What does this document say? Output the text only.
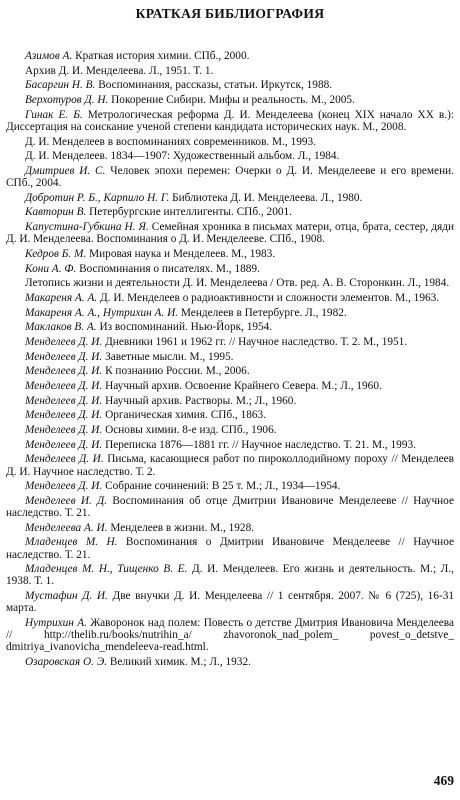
КРАТКАЯ БИБЛИОГРАФИЯ

Азимов А. Краткая история химии. СПб., 2000.

Архив Д. И. Менделеева. Л., 1951. Т. 1.

Басаргин Н. В. Воспоминания, рассказы, статьи. Иркутск, 1988.

Верхотуров Д. Н. Покорение Сибири. Мифы и реальность. М., 2005.

Гинак Е. Б. Метрологическая реформа Д. И. Менделеева (конец XIX начало XX в.): Диссертация на соискание ученой степени кандидата исторических наук. М., 2008.

Д. И. Менделеев в воспоминаниях современников. М., 1993.

Д. И. Менделеев. 1834—1907: Художественный альбом. Л., 1984.

Дмитриев И. С. Человек эпохи перемен: Очерки о Д. И. Менделееве и его времени. СПб., 2004.

Добротин Р. Б., Карпило Н. Г. Библиотека Д. И. Менделеева. Л., 1980.

Кавторин В. Петербургские интеллигенты. СПб., 2001.

Капустина-Губкина Н. Я. Семейная хроника в письмах матери, отца, брата, сестер, дяди Д. И. Менделеева. Воспоминания о Д. И. Менделееве. СПб., 1908.

Кедров Б. М. Мировая наука и Менделеев. М., 1983.

Кони А. Ф. Воспоминания о писателях. М., 1889.

Летопись жизни и деятельности Д. И. Менделеева / Отв. ред. А. В. Сторонкин. Л., 1984.

Макареня А. А. Д. И. Менделеев о радиоактивности и сложности элементов. М., 1963.

Макареня А. А., Нутрихин А. И. Менделеев в Петербурге. Л., 1982.

Маклаков В. А. Из воспоминаний. Нью-Йорк, 1954.

Менделеев Д. И. Дневники 1961 и 1962 гг. // Научное наследство. Т. 2. М., 1951.

Менделеев Д. И. Заветные мысли. М., 1995.

Менделеев Д. И. К познанию России. М., 2006.

Менделеев Д. И. Научный архив. Освоение Крайнего Севера. М.; Л., 1960.

Менделеев Д. И. Научный архив. Растворы. М.; Л., 1960.

Менделеев Д. И. Органическая химия. СПб., 1863.

Менделеев Д. И. Основы химии. 8-е изд. СПб., 1906.

Менделеев Д. И. Переписка 1876—1881 гг. // Научное наследство. Т. 21. М., 1993.

Менделеев Д. И. Письма, касающиеся работ по пироколлодийному пороху // Менделеев Д. И. Научное наследство. Т. 2.

Менделеев Д. И. Собрание сочинений: В 25 т. М.; Л., 1934—1954.

Менделеев И. Д. Воспоминания об отце Дмитрии Ивановиче Менделееве // Научное наследство. Т. 21.

Менделеева А. И. Менделеев в жизни. М., 1928.

Младенцев М. Н. Воспоминания о Дмитрии Ивановиче Менделееве // Научное наследство. Т. 21.

Младенцев М. Н., Тищенко В. Е. Д. И. Менделеев. Его жизнь и деятельность. М.; Л., 1938. Т. 1.

Мустафин Д. И. Две внучки Д. И. Менделеева // 1 сентября. 2007. № 6 (725), 16-31 марта.

Нутрихин А. Жаворонок над полем: Повесть о детстве Дмитрия Ивановича Менделеева // http://thelib.ru/books/nutrihin_a/ zhavoronok_nad_polem_ povest_o_detstve_ dmitriya_ivanovicha_mendeleeva-read.html.

Озаровская О. Э. Великий химик. М.; Л., 1932.

469
